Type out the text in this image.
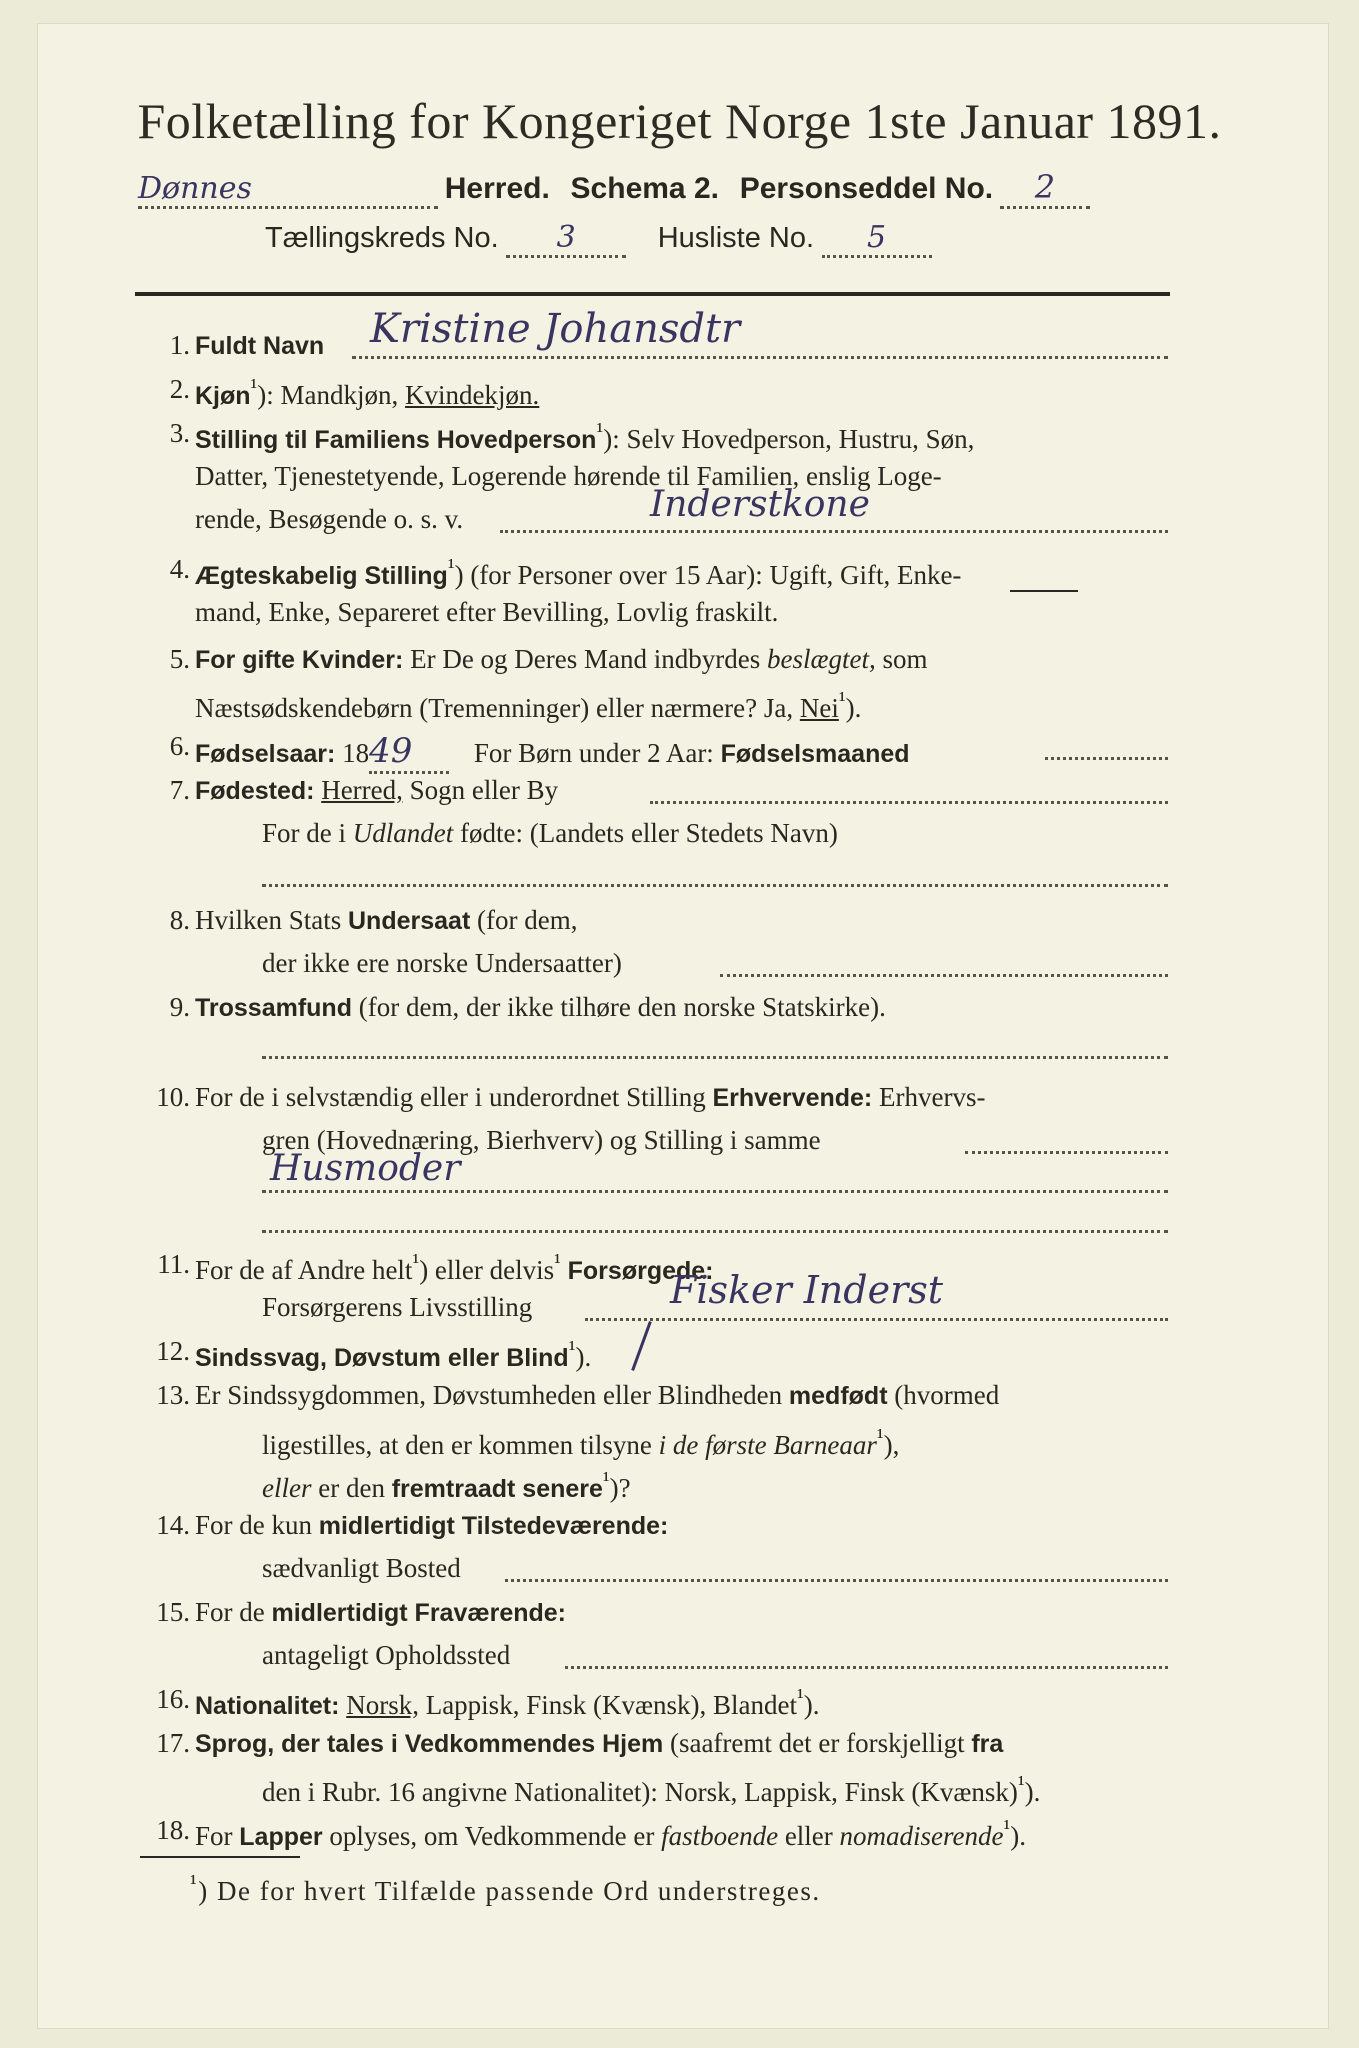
Folketælling for Kongeriget Norge 1ste Januar 1891.
Dønnes	Herred. Schema 2. Personseddel No. 2
Tællingskreds No. 3	Husliste No. 5
1. Fuldt Navn Kristine Johansdtr
2. Kjøn$^{^1}$): Mandkjøn, Kvindekjøn.
3. Stilling til Familiens Hovedperson$^{^1}$): Selv Hovedperson, Hustru, Søn,
Datter, Tjenestetyende, Logerende hørende til Familien, enslig Loge-
rende, Besøgende o. s. v.	Inderstkone
4. Ægteskabelig Stilling$^{^1}$) (for Personer over 15 Aar): Ugift, Gift, Enke-
mand, Enke, Separeret efter Bevilling, Lovlig fraskilt.
5. For gifte Kvinder: Er De og Deres Mand indbyrdes beslægtet, som
Næstsødskendebørn (Tremenninger) eller nærmere? Ja, Nei$^{^1}$).
6. Fødselsaar: 1849 For Børn under 2 Aar: Fødselsmaaned
7. Fødested: Herred, Sogn eller By
For de i Udlandet fødte: (Landets eller Stedets Navn)
8. Hvilken Stats Undersaat (for dem,
der ikke ere norske Undersaatter)
9. Trossamfund (for dem, der ikke tilhøre den norske Statskirke).
10. For de i selvstændig eller i underordnet Stilling Erhvervende: Erhvervs-
gren (Hovednæring, Bierhverv) og Stilling i samme
Husmoder
11. For de af Andre helt$^{^1}$) eller delvis$^{^1}$ Forsørgede:
Forsørgerens Livsstilling	Fisker Inderst
12. Sindssvag, Døvstum eller Blind$^{^1}$).
13. Er Sindssygdommen, Døvstumheden eller Blindheden medfødt (hvormed
ligestilles, at den er kommen tilsyne i de første Barneaar$^{^1}$),
eller er den fremtraadt senere$^{^1}$)?
14. For de kun midlertidigt Tilstedeværende:
sædvanligt Bosted
15. For de midlertidigt Fraværende:
antageligt Opholdssted
16. Nationalitet: Norsk, Lappisk, Finsk (Kvænsk), Blandet$^{^1}$).
17. Sprog, der tales i Vedkommendes Hjem (saafremt det er forskjelligt fra
den i Rubr. 16 angivne Nationalitet): Norsk, Lappisk, Finsk (Kvænsk)$^{^1}$).
18. For Lapper oplyses, om Vedkommende er fastboende eller nomadiserende$^{^1}$).
$^{^1}$) De for hvert Tilfælde passende Ord understreges.
